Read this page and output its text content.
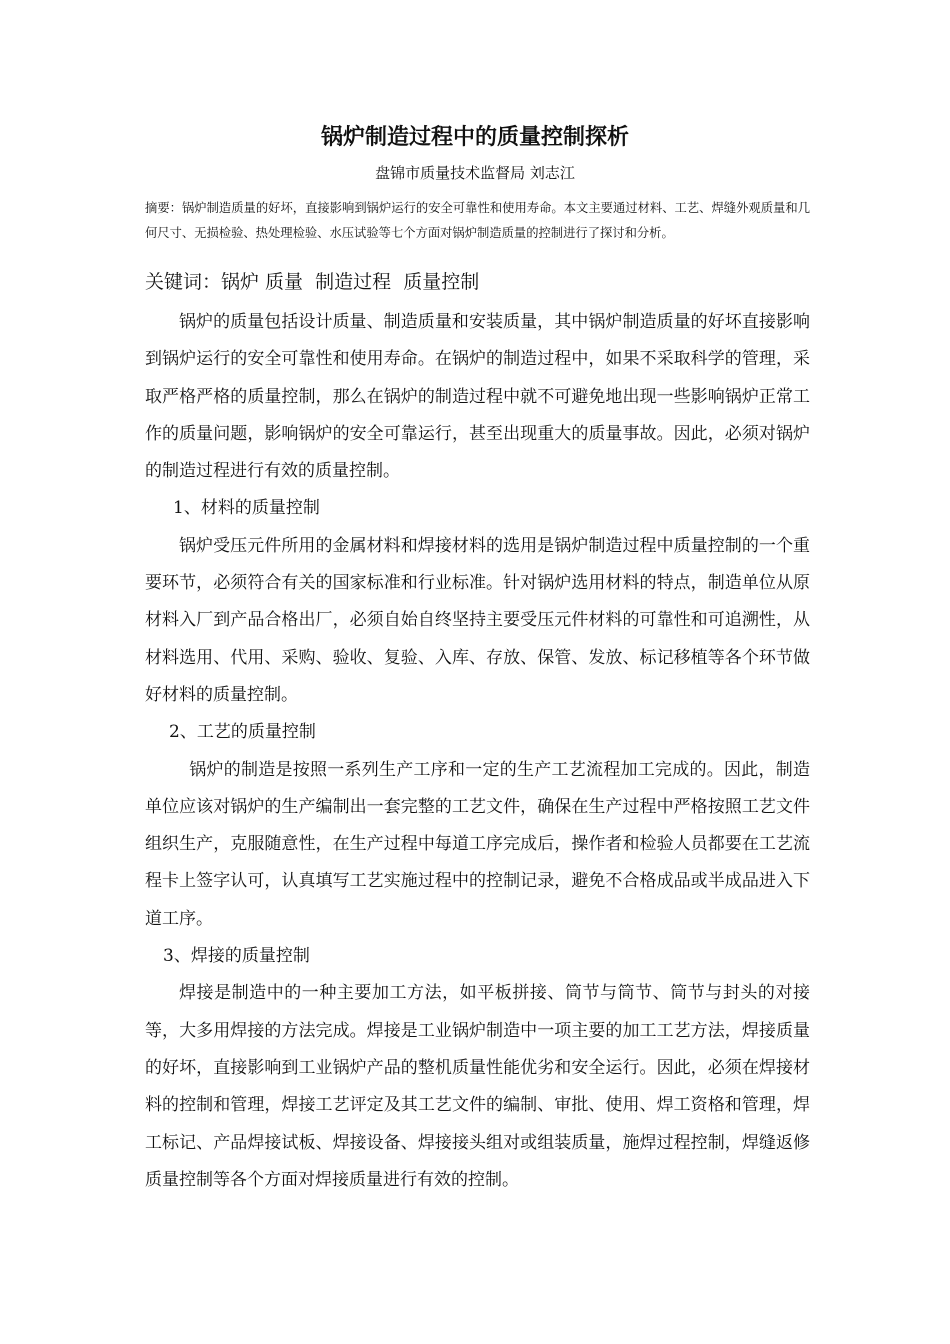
锅炉制造过程中的质量控制探析
盘锦市质量技术监督局 刘志江
摘要：锅炉制造质量的好坏，直接影响到锅炉运行的安全可靠性和使用寿命。本文主要通过材料、工艺、焊缝外观质量和几何尺寸、无损检验、热处理检验、水压试验等七个方面对锅炉制造质量的控制进行了探讨和分析。
关键词：锅炉 质量  制造过程  质量控制

锅炉的质量包括设计质量、制造质量和安装质量，其中锅炉制造质量的好坏直接影响到锅炉运行的安全可靠性和使用寿命。在锅炉的制造过程中，如果不采取科学的管理，采取严格严格的质量控制，那么在锅炉的制造过程中就不可避免地出现一些影响锅炉正常工作的质量问题，影响锅炉的安全可靠运行，甚至出现重大的质量事故。因此，必须对锅炉的制造过程进行有效的质量控制。

1、材料的质量控制

锅炉受压元件所用的金属材料和焊接材料的选用是锅炉制造过程中质量控制的一个重要环节，必须符合有关的国家标准和行业标准。针对锅炉选用材料的特点，制造单位从原材料入厂到产品合格出厂，必须自始自终坚持主要受压元件材料的可靠性和可追溯性，从材料选用、代用、采购、验收、复验、入库、存放、保管、发放、标记移植等各个环节做好材料的质量控制。

2、工艺的质量控制

锅炉的制造是按照一系列生产工序和一定的生产工艺流程加工完成的。因此，制造单位应该对锅炉的生产编制出一套完整的工艺文件，确保在生产过程中严格按照工艺文件组织生产，克服随意性，在生产过程中每道工序完成后，操作者和检验人员都要在工艺流程卡上签字认可，认真填写工艺实施过程中的控制记录，避免不合格成品或半成品进入下道工序。

3、焊接的质量控制

焊接是制造中的一种主要加工方法，如平板拼接、筒节与筒节、筒节与封头的对接等，大多用焊接的方法完成。焊接是工业锅炉制造中一项主要的加工工艺方法，焊接质量的好坏，直接影响到工业锅炉产品的整机质量性能优劣和安全运行。因此，必须在焊接材料的控制和管理，焊接工艺评定及其工艺文件的编制、审批、使用、焊工资格和管理，焊工标记、产品焊接试板、焊接设备、焊接接头组对或组装质量，施焊过程控制，焊缝返修质量控制等各个方面对焊接质量进行有效的控制。
